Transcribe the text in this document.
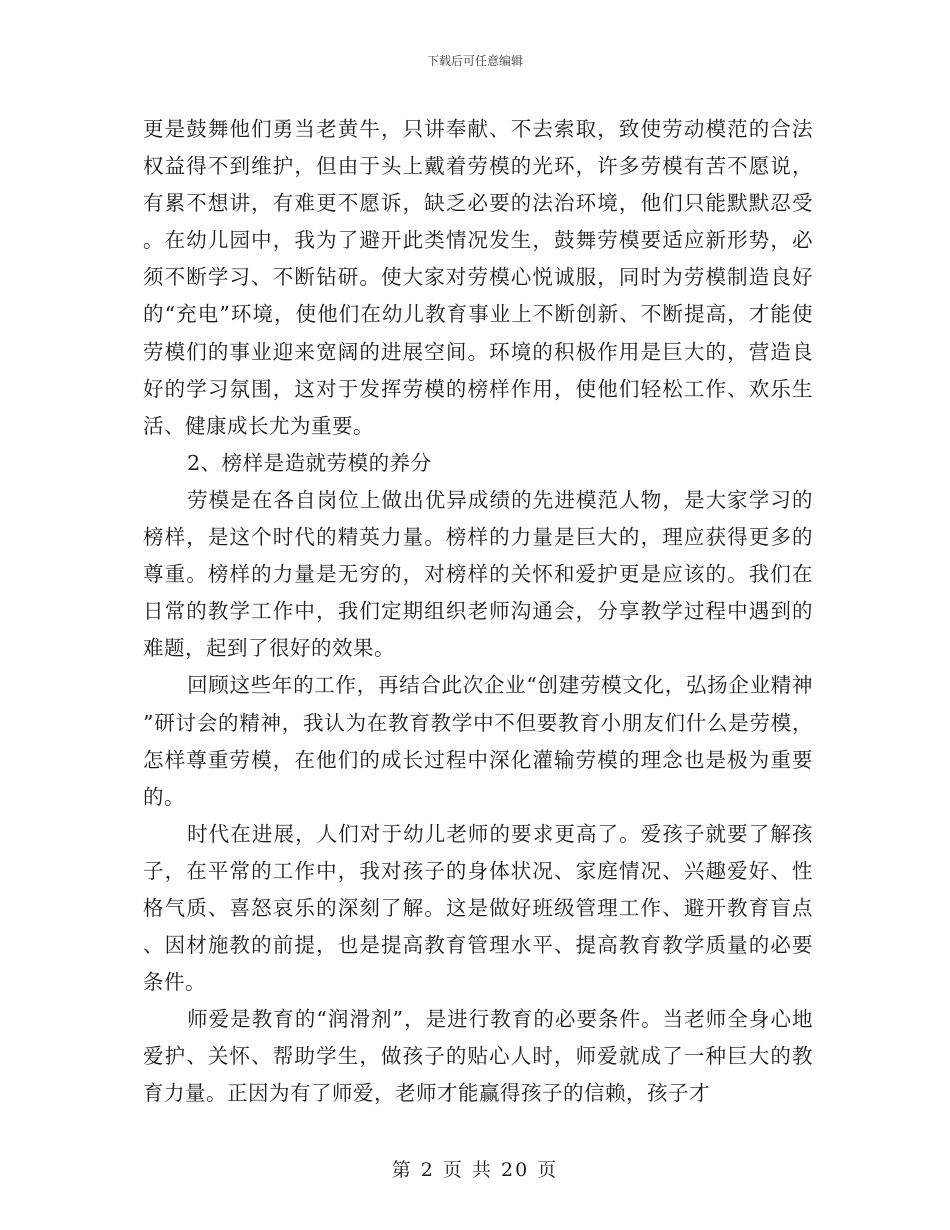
下载后可任意编辑

更是鼓舞他们勇当老黄牛，只讲奉献、不去索取，致使劳动模范的合法权益得不到维护，但由于头上戴着劳模的光环，许多劳模有苦不愿说，有累不想讲，有难更不愿诉，缺乏必要的法治环境，他们只能默默忍受。在幼儿园中，我为了避开此类情况发生，鼓舞劳模要适应新形势，必须不断学习、不断钻研。使大家对劳模心悦诚服，同时为劳模制造良好的“充电”环境，使他们在幼儿教育事业上不断创新、不断提高，才能使劳模们的事业迎来宽阔的进展空间。环境的积极作用是巨大的，营造良好的学习氛围，这对于发挥劳模的榜样作用，使他们轻松工作、欢乐生活、健康成长尤为重要。

2、榜样是造就劳模的养分

劳模是在各自岗位上做出优异成绩的先进模范人物，是大家学习的榜样，是这个时代的精英力量。榜样的力量是巨大的，理应获得更多的尊重。榜样的力量是无穷的，对榜样的关怀和爱护更是应该的。我们在日常的教学工作中，我们定期组织老师沟通会，分享教学过程中遇到的难题，起到了很好的效果。

回顾这些年的工作，再结合此次企业“创建劳模文化，弘扬企业精神”研讨会的精神，我认为在教育教学中不但要教育小朋友们什么是劳模，怎样尊重劳模，在他们的成长过程中深化灌输劳模的理念也是极为重要的。

时代在进展，人们对于幼儿老师的要求更高了。爱孩子就要了解孩子，在平常的工作中，我对孩子的身体状况、家庭情况、兴趣爱好、性格气质、喜怒哀乐的深刻了解。这是做好班级管理工作、避开教育盲点、因材施教的前提，也是提高教育管理水平、提高教育教学质量的必要条件。

师爱是教育的“润滑剂”，是进行教育的必要条件。当老师全身心地爱护、关怀、帮助学生，做孩子的贴心人时，师爱就成了一种巨大的教育力量。正因为有了师爱，老师才能赢得孩子的信赖，孩子才

第 2 页 共 20 页
